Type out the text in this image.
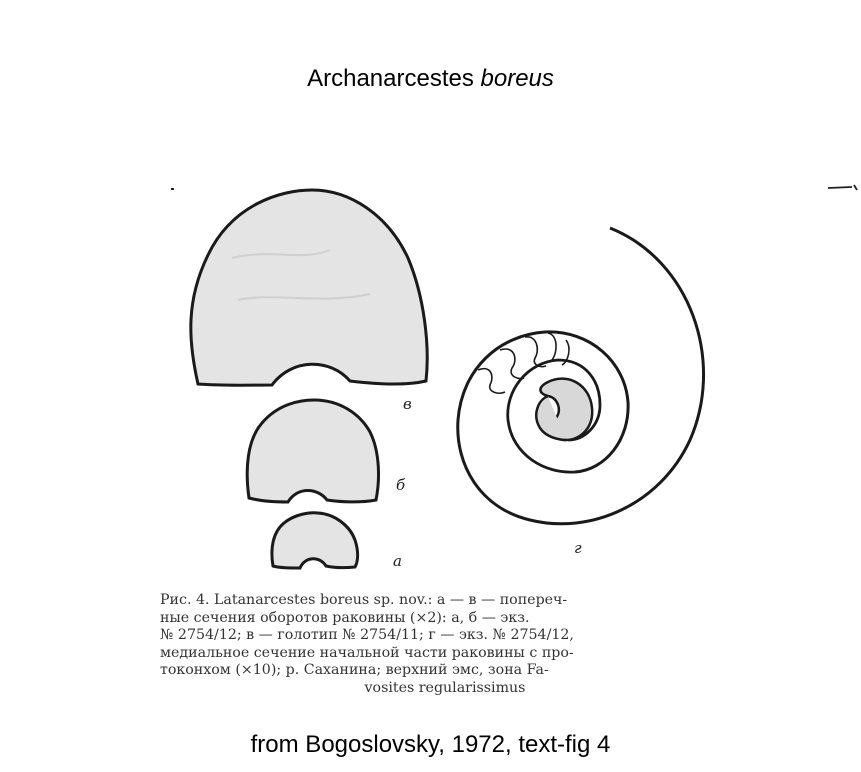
Archanarcestes boreus
в
б
а
г

Рис. 4. Latanarcestes boreus sp. nov.: а — в — попереч-

ные сечения оборотов раковины (×2): а, б — экз.

№ 2754/12; в — голотип № 2754/11; г — экз. № 2754/12,

медиальное сечение начальной части раковины с про-

токонхом (×10); р. Саханина; верхний эмс, зона Fa-

vosites regularissimus

from Bogoslovsky, 1972, text-fig 4
